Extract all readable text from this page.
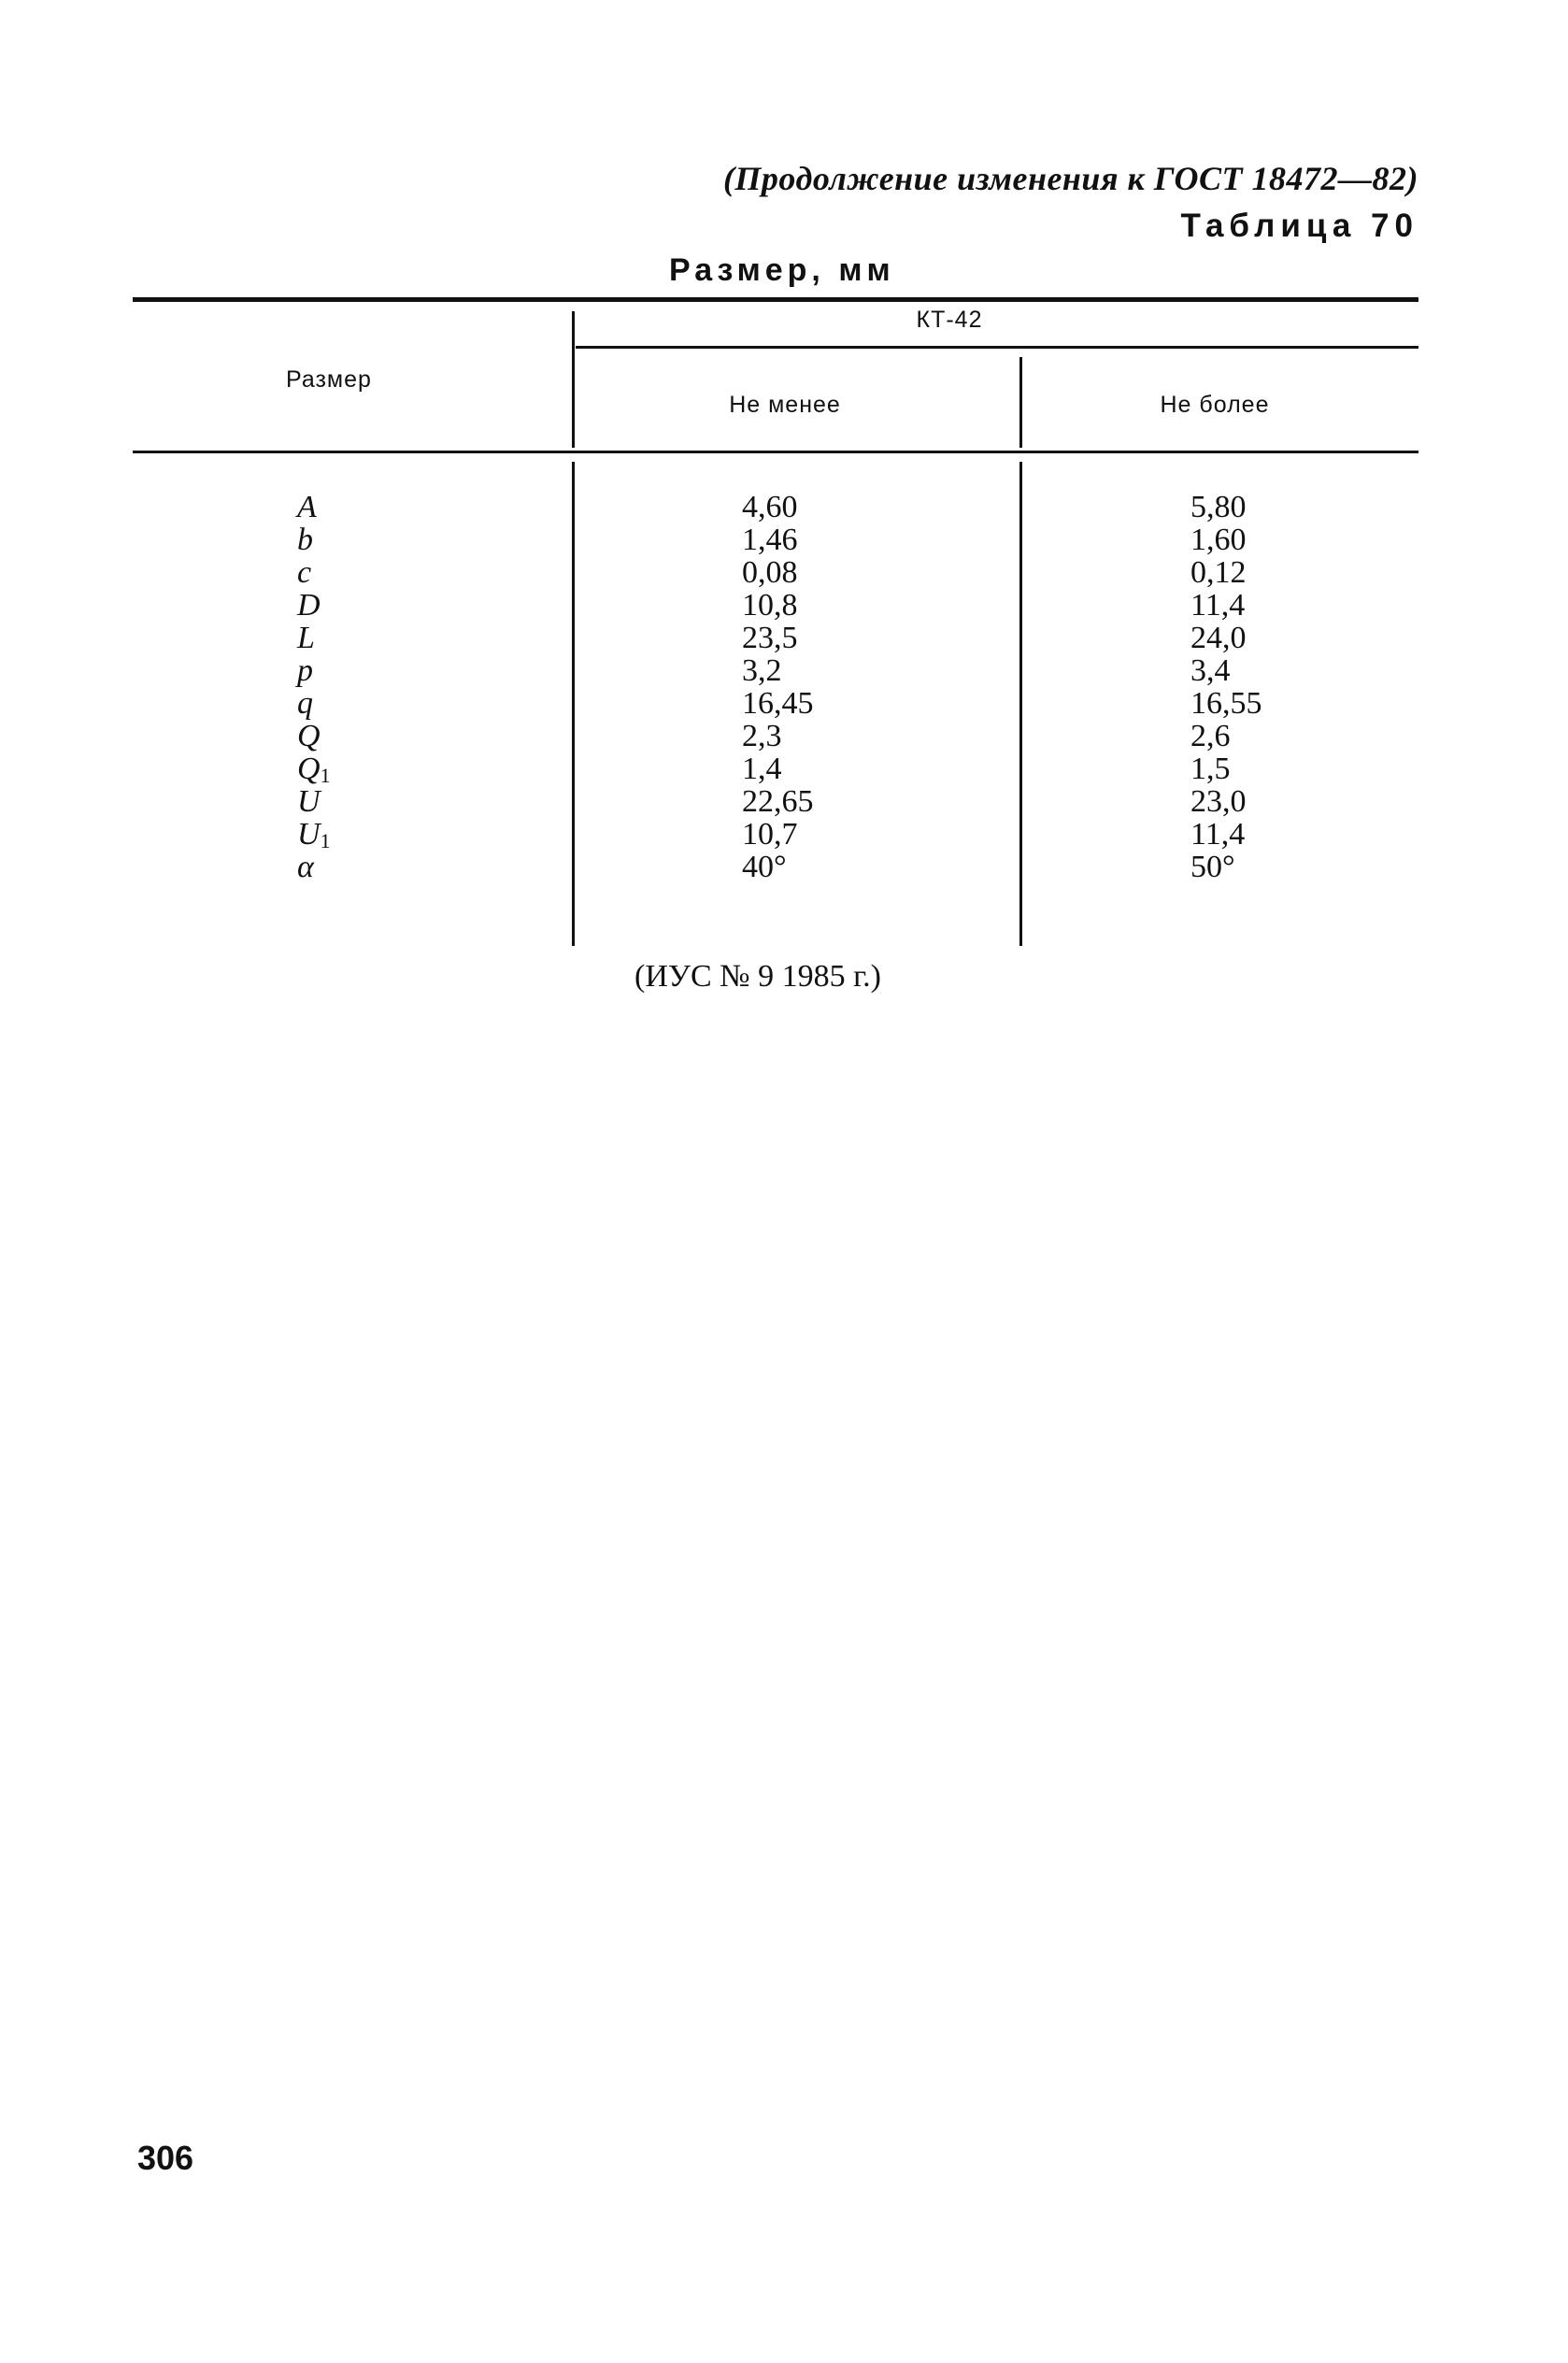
(Продолжение изменения к ГОСТ 18472—82)
Таблица 70
Размер, мм
Размер
КТ-42
Не менее	Не более
A	4,60	5,80
b	1,46	1,60
c	0,08	0,12
D	10,8	11,4
L	23,5	24,0
p	3,2	3,4
q	16,45	16,55
Q	2,3	2,6
$Q_1$	1,4	1,5
U	22,65	23,0
$U_1$	10,7	11,4
α	40°	50°
(ИУС № 9 1985 г.)
306
